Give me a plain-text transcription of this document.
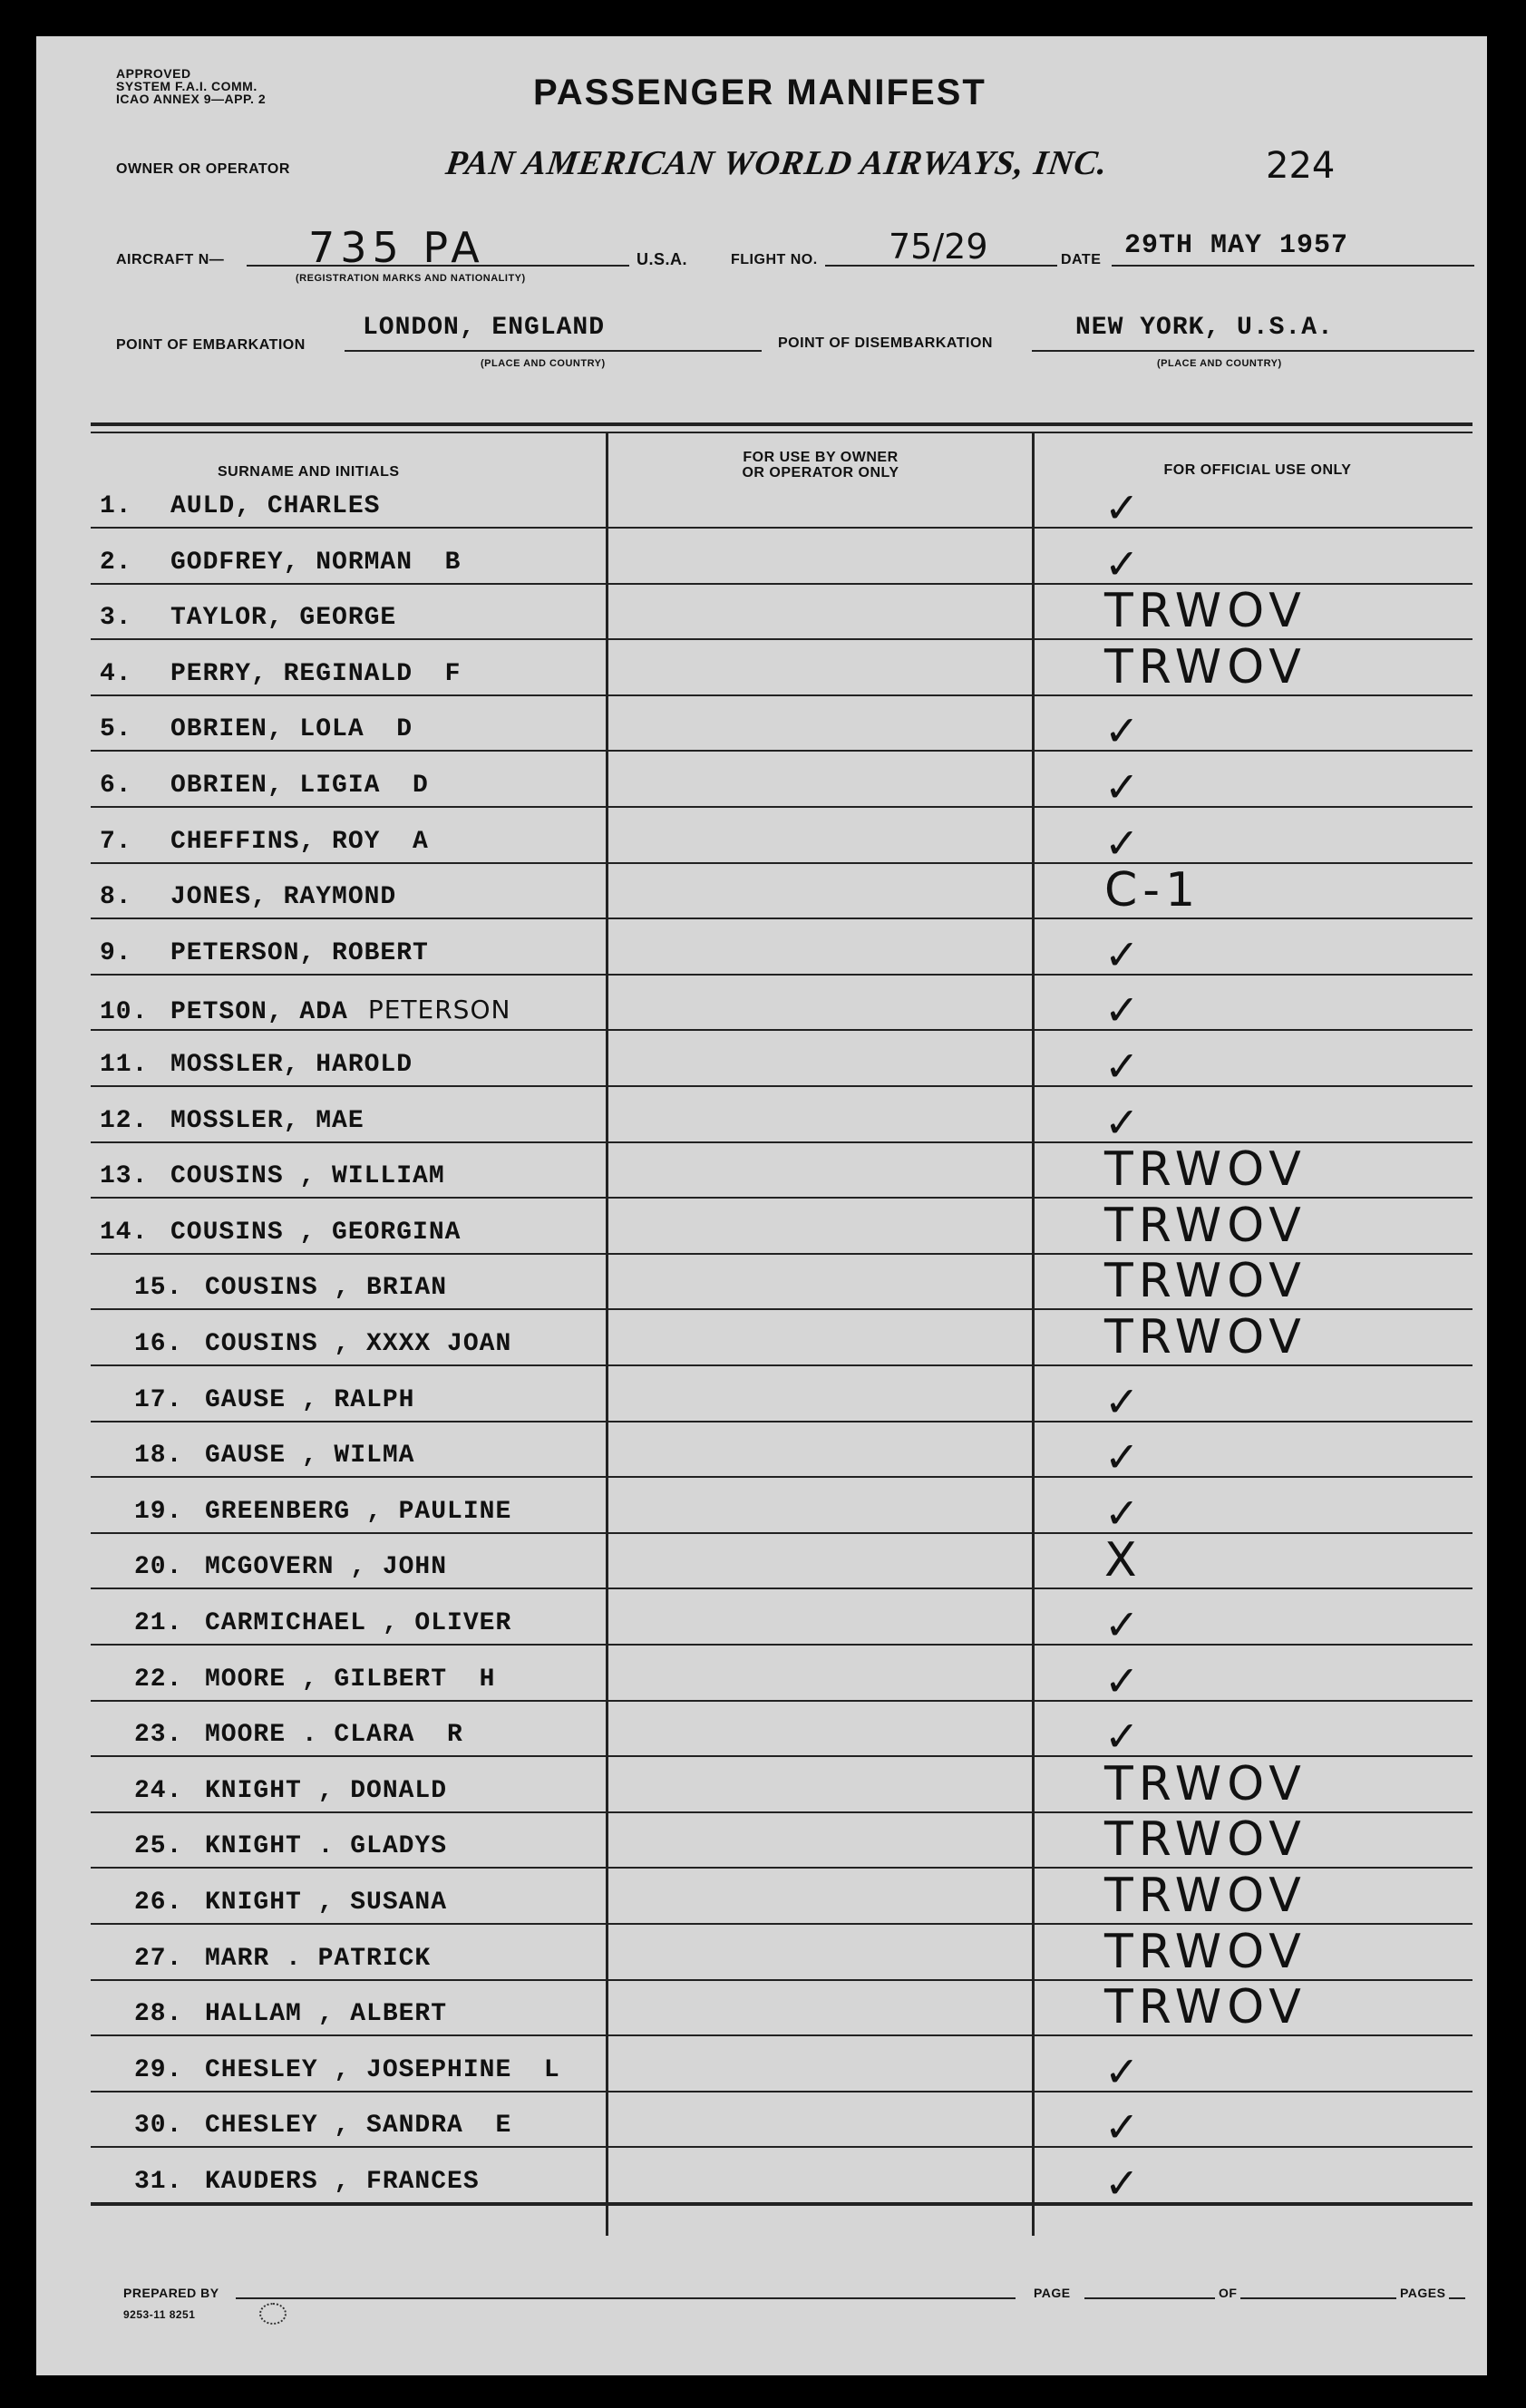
APPROVED
SYSTEM F.A.I. COMM.
ICAO ANNEX 9—APP. 2	PASSENGER MANIFEST
OWNER OR OPERATOR	PAN AMERICAN WORLD AIRWAYS, INC.	224
AIRCRAFT N— 735 PA
(REGISTRATION MARKS AND NATIONALITY)
U.S.A.	FLIGHT NO. 75/29	DATE 29TH MAY 1957
POINT OF EMBARKATION
LONDON, ENGLAND
(PLACE AND COUNTRY)
POINT OF DISEMBARKATION
NEW YORK, U.S.A.
(PLACE AND COUNTRY)
SURNAME AND INITIALS
FOR USE BY OWNER
OR OPERATOR ONLY	FOR OFFICIAL USE ONLY
1. AULD, CHARLES	✓
2. GODFREY, NORMAN  B	✓
3. TAYLOR, GEORGE	TRWOV
4. PERRY, REGINALD  F	TRWOV
5. OBRIEN, LOLA  D	✓
6. OBRIEN, LIGIA  D	✓
7. CHEFFINS, ROY  A	✓
8. JONES, RAYMOND	C-1
9. PETERSON, ROBERT	✓
10. PETSON, ADA PETERSON	✓
11. MOSSLER, HAROLD	✓
12. MOSSLER, MAE	✓
13. COUSINS , WILLIAM	TRWOV
14. COUSINS , GEORGINA	TRWOV
15. COUSINS , BRIAN	TRWOV
16. COUSINS , XXXX JOAN	TRWOV
17. GAUSE , RALPH	✓
18. GAUSE , WILMA	✓
19. GREENBERG , PAULINE	✓
20. MCGOVERN , JOHN	X
21. CARMICHAEL , OLIVER	✓
22. MOORE , GILBERT  H	✓
23. MOORE . CLARA  R	✓
24. KNIGHT , DONALD	TRWOV
25. KNIGHT . GLADYS	TRWOV
26. KNIGHT , SUSANA	TRWOV
27. MARR . PATRICK	TRWOV
28. HALLAM , ALBERT	TRWOV
29. CHESLEY , JOSEPHINE  L	✓
30. CHESLEY , SANDRA  E	✓
31. KAUDERS , FRANCES	✓
PREPARED BY
9253-11 8251
PAGE	OF	PAGES
